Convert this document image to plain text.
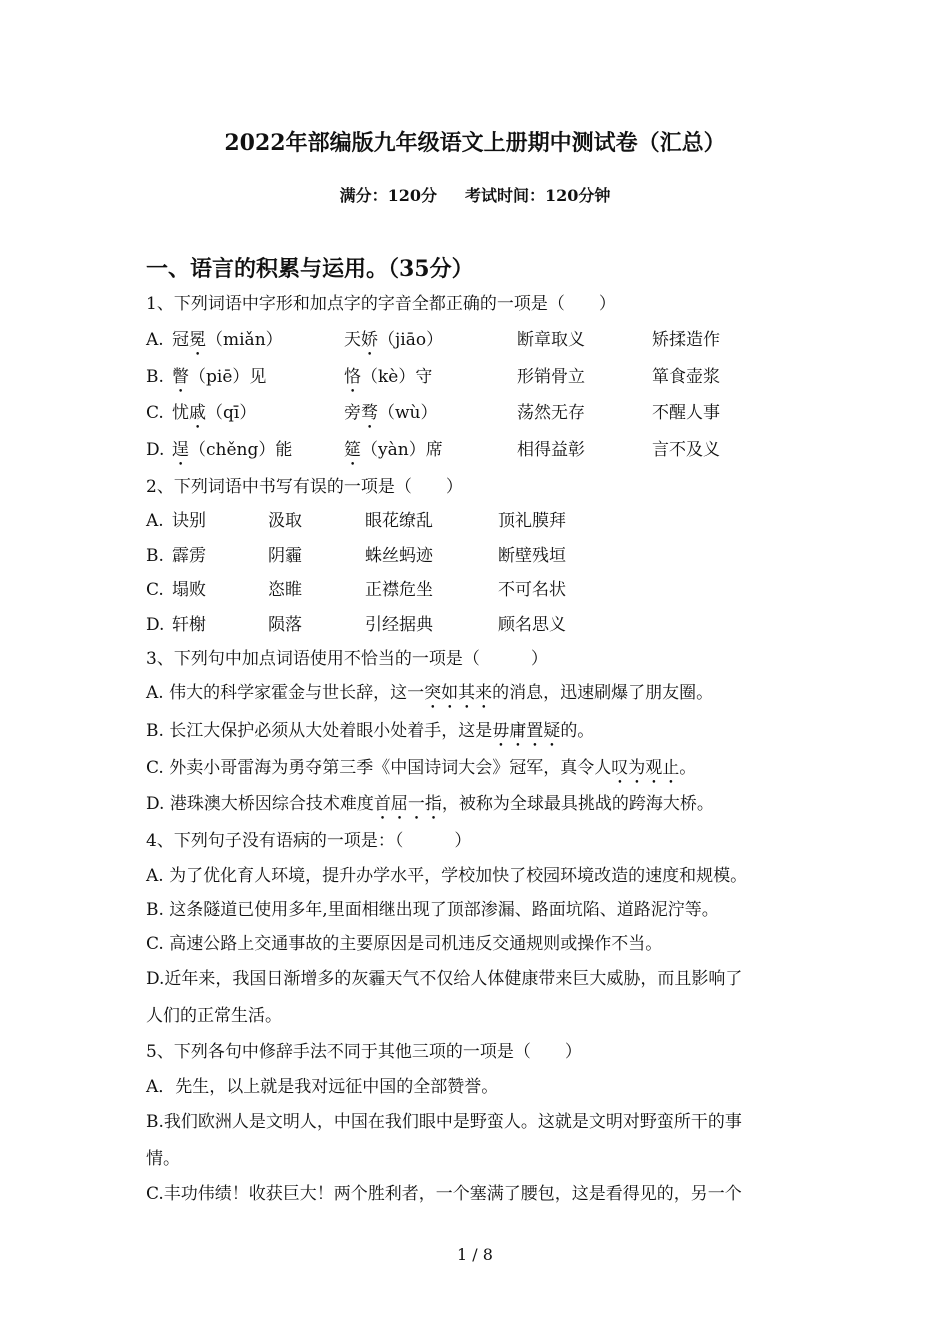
2022年部编版九年级语文上册期中测试卷（汇总）
满分：120分 考试时间：120分钟
一、语言的积累与运用。（35分）
1、下列词语中字形和加点字的字音全都正确的一项是（　　）
A. 冠冕（miǎn）	天娇（jiāo）	断章取义	矫揉造作
B. 瞥（piē）见	恪（kè）守	形销骨立	箪食壶浆
C. 忧戚（qī）	旁骛（wù）	荡然无存	不醒人事
D. 逞（chěng）能	筵（yàn）席	相得益彰	言不及义
2、下列词语中书写有误的一项是（　　）
A. 诀别	汲取	眼花缭乱	顶礼膜拜
B. 霹雳	阴霾	蛛丝蚂迹	断壁残垣
C. 塌败	恣睢	正襟危坐	不可名状
D. 轩榭	陨落	引经据典	顾名思义
3、下列句中加点词语使用不恰当的一项是（　　　）
A. 伟大的科学家霍金与世长辞，这一突如其来的消息，迅速刷爆了朋友圈。
B. 长江大保护必须从大处着眼小处着手，这是毋庸置疑的。
C. 外卖小哥雷海为勇夺第三季《中国诗词大会》冠军，真令人叹为观止。
D. 港珠澳大桥因综合技术难度首屈一指，被称为全球最具挑战的跨海大桥。
4、下列句子没有语病的一项是：（　　　）
A. 为了优化育人环境，提升办学水平，学校加快了校园环境改造的速度和规模。
B. 这条隧道已使用多年,里面相继出现了顶部渗漏、路面坑陷、道路泥泞等。
C. 高速公路上交通事故的主要原因是司机违反交通规则或操作不当。
D.近年来，我国日渐增多的灰霾天气不仅给人体健康带来巨大威胁，而且影响了
人们的正常生活。
5、下列各句中修辞手法不同于其他三项的一项是（　　）
A．先生，以上就是我对远征中国的全部赞誉。
B.我们欧洲人是文明人，中国在我们眼中是野蛮人。这就是文明对野蛮所干的事
情。
C.丰功伟绩！收获巨大！两个胜利者，一个塞满了腰包，这是看得见的，另一个
1 / 8
